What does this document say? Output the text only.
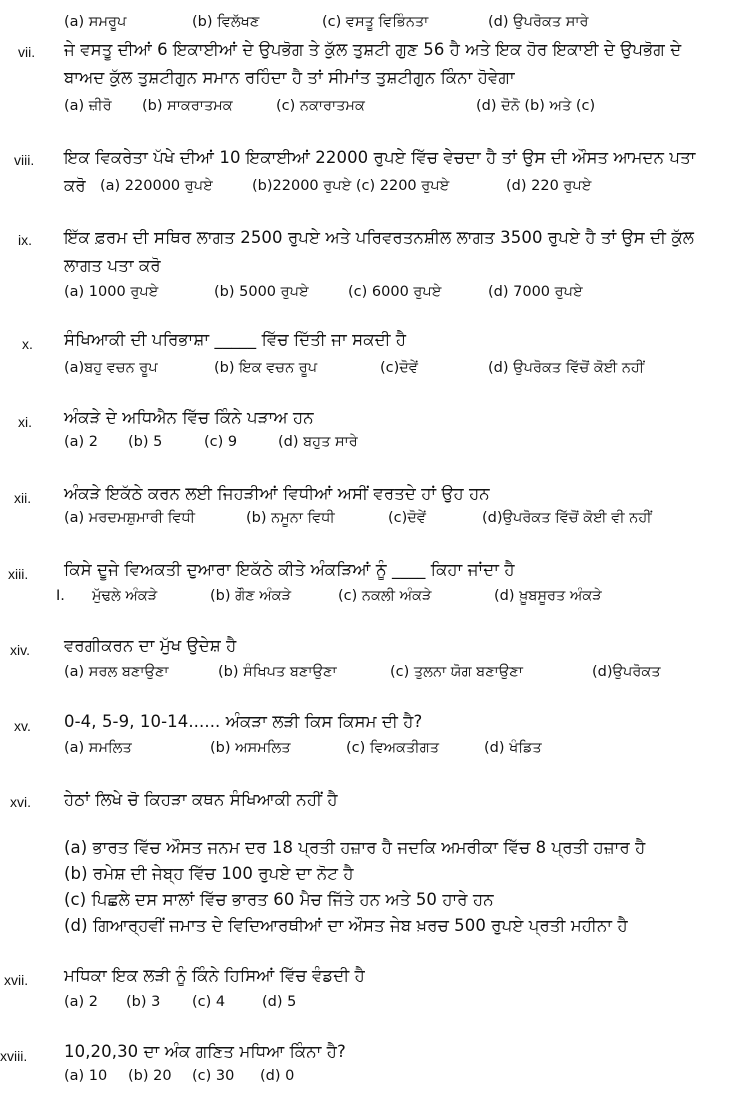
(a) ਸਮਰੂਪ	(b) ਵਿਲੱਖਣ	(c) ਵਸਤੂ ਵਿਭਿੰਨਤਾ	(d) ਉਪਰੋਕਤ ਸਾਰੇ
vii. ਜੇ ਵਸਤੂ ਦੀਆਂ 6 ਇਕਾਈਆਂ ਦੇ ਉਪਭੋਗ ਤੇ ਕੁੱਲ ਤੁਸ਼ਟੀ ਗੁਣ 56 ਹੈ ਅਤੇ ਇਕ ਹੋਰ ਇਕਾਈ ਦੇ ਉਪਭੋਗ ਦੇ
ਬਾਅਦ ਕੁੱਲ ਤੁਸ਼ਟੀਗੁਨ ਸਮਾਨ ਰਹਿੰਦਾ ਹੈ ਤਾਂ ਸੀਮਾਂਤ ਤੁਸ਼ਟੀਗੁਨ ਕਿੰਨਾ ਹੋਵੇਗਾ
(a) ਜ਼ੀਰੋ (b) ਸਾਕਰਾਤਮਕ	(c) ਨਕਾਰਾਤਮਕ	(d) ਦੋਨੋ (b) ਅਤੇ (c)
viii. ਇਕ ਵਿਕਰੇਤਾ ਪੱਖੇ ਦੀਆਂ 10 ਇਕਾਈਆਂ 22000 ਰੁਪਏ ਵਿੱਚ ਵੇਚਦਾ ਹੈ ਤਾਂ ਉਸ ਦੀ ਔਸਤ ਆਮਦਨ ਪਤਾ
ਕਰੋ (a) 220000 ਰੁਪਏ	(b)22000 ਰੁਪਏ (c) 2200 ਰੁਪਏ	(d) 220 ਰੁਪਏ
ix. ਇੱਕ ਫ਼ਰਮ ਦੀ ਸਥਿਰ ਲਾਗਤ 2500 ਰੁਪਏ ਅਤੇ ਪਰਿਵਰਤਨਸ਼ੀਲ ਲਾਗਤ 3500 ਰੁਪਏ ਹੈ ਤਾਂ ਉਸ ਦੀ ਕੁੱਲ
ਲਾਗਤ ਪਤਾ ਕਰੋ
(a) 1000 ਰੁਪਏ	(b) 5000 ਰੁਪਏ	(c) 6000 ਰੁਪਏ	(d) 7000 ਰੁਪਏ
x. ਸੰਖਿਆਕੀ ਦੀ ਪਰਿਭਾਸ਼ਾ _____ ਵਿੱਚ ਦਿੱਤੀ ਜਾ ਸਕਦੀ ਹੈ
(a)ਬਹੁ ਵਚਨ ਰੂਪ	(b) ਇਕ ਵਚਨ ਰੂਪ	(c)ਦੋਵੇਂ	(d) ਉਪਰੋਕਤ ਵਿੱਚੋਂ ਕੋਈ ਨਹੀਂ
xi. ਅੰਕੜੇ ਦੇ ਅਧਿਐਨ ਵਿੱਚ ਕਿੰਨੇ ਪੜਾਅ ਹਨ
(a) 2 (b) 5	(c) 9	(d) ਬਹੁਤ ਸਾਰੇ
xii. ਅੰਕੜੇ ਇਕੱਠੇ ਕਰਨ ਲਈ ਜਿਹੜੀਆਂ ਵਿਧੀਆਂ ਅਸੀਂ ਵਰਤਦੇ ਹਾਂ ਉਹ ਹਨ
(a) ਮਰਦਮਸ਼ੁਮਾਰੀ ਵਿਧੀ	(b) ਨਮੂਨਾ ਵਿਧੀ	(c)ਦੋਵੇਂ	(d)ਉਪਰੋਕਤ ਵਿੱਚੋਂ ਕੋਈ ਵੀ ਨਹੀਂ
xiii. ਕਿਸੇ ਦੂਜੇ ਵਿਅਕਤੀ ਦੁਆਰਾ ਇਕੱਠੇ ਕੀਤੇ ਅੰਕੜਿਆਂ ਨੂੰ ____ ਕਿਹਾ ਜਾਂਦਾ ਹੈ
I. ਮੁੱਢਲੇ ਅੰਕੜੇ	(b) ਗੌਣ ਅੰਕੜੇ	(c) ਨਕਲੀ ਅੰਕੜੇ	(d) ਖ਼ੂਬਸੂਰਤ ਅੰਕੜੇ
xiv. ਵਰਗੀਕਰਨ ਦਾ ਮੁੱਖ ਉਦੇਸ਼ ਹੈ
(a) ਸਰਲ ਬਣਾਉਣਾ	(b) ਸੰਖਿਪਤ ਬਣਾਉਣਾ	(c) ਤੁਲਨਾ ਯੋਗ ਬਣਾਉਣਾ	(d)ਉਪਰੋਕਤ
xv. 0-4, 5-9, 10-14...... ਅੰਕੜਾ ਲੜੀ ਕਿਸ ਕਿਸਮ ਦੀ ਹੈ?
(a) ਸਮਲਿਤ	(b) ਅਸਮਲਿਤ	(c) ਵਿਅਕਤੀਗਤ	(d) ਖੰਡਿਤ
xvi. ਹੇਠਾਂ ਲਿਖੇ ਚੋ ਕਿਹੜਾ ਕਥਨ ਸੰਖਿਆਕੀ ਨਹੀਂ ਹੈ
(a) ਭਾਰਤ ਵਿੱਚ ਔਸਤ ਜਨਮ ਦਰ 18 ਪ੍ਰਤੀ ਹਜ਼ਾਰ ਹੈ ਜਦਕਿ ਅਮਰੀਕਾ ਵਿੱਚ 8 ਪ੍ਰਤੀ ਹਜ਼ਾਰ ਹੈ
(b) ਰਮੇਸ਼ ਦੀ ਜੇਬ੍ਹ ਵਿੱਚ 100 ਰੁਪਏ ਦਾ ਨੋਟ ਹੈ
(c) ਪਿਛਲੇ ਦਸ ਸਾਲਾਂ ਵਿੱਚ ਭਾਰਤ 60 ਮੈਚ ਜਿੱਤੇ ਹਨ ਅਤੇ 50 ਹਾਰੇ ਹਨ
(d) ਗਿਆਰ੍ਹਵੀਂ ਜਮਾਤ ਦੇ ਵਿਦਿਆਰਥੀਆਂ ਦਾ ਔਸਤ ਜੇਬ ਖ਼ਰਚ 500 ਰੁਪਏ ਪ੍ਰਤੀ ਮਹੀਨਾ ਹੈ
xvii. ਮਧਿਕਾ ਇਕ ਲੜੀ ਨੂੰ ਕਿੰਨੇ ਹਿਸਿਆਂ ਵਿੱਚ ਵੰਡਦੀ ਹੈ
(a) 2 (b) 3 (c) 4	(d) 5
xviii. 10,20,30 ਦਾ ਅੰਕ ਗਣਿਤ ਮਧਿਆ ਕਿੰਨਾ ਹੈ?
(a) 10 (b) 20 (c) 30 (d) 0
